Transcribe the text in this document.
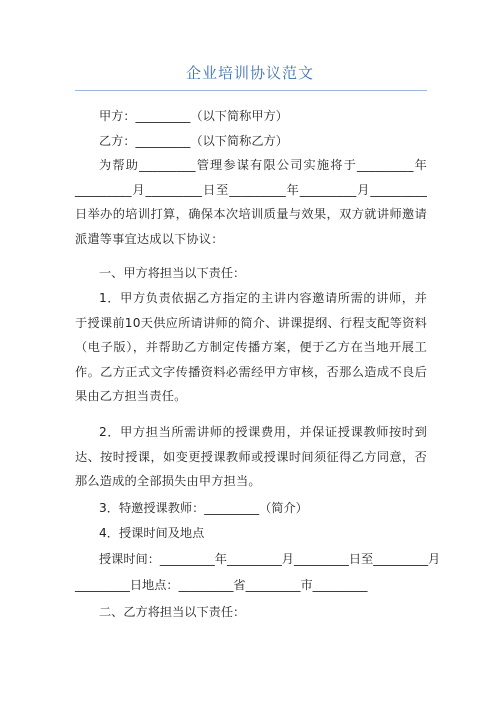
企业培训协议范文
甲方：_________（以下简称甲方）
乙方：_________（以下简称乙方）
为帮助_________管理参谋有限公司实施将于_________年_________月_________日至_________年_________月_________日举办的培训打算，确保本次培训质量与效果，双方就讲师邀请派遣等事宜达成以下协议：
一、甲方将担当以下责任：
1．甲方负责依据乙方指定的主讲内容邀请所需的讲师，并于授课前10天供应所请讲师的简介、讲课提纲、行程支配等资料（电子版），并帮助乙方制定传播方案，便于乙方在当地开展工作。乙方正式文字传播资料必需经甲方审核，否那么造成不良后果由乙方担当责任。
2．甲方担当所需讲师的授课费用，并保证授课教师按时到达、按时授课，如变更授课教师或授课时间须征得乙方同意，否那么造成的全部损失由甲方担当。
3．特邀授课教师：_________（简介）
4．授课时间及地点
授课时间：_________年_________月_________日至_________月
_________日地点：_________省_________市_________
二、乙方将担当以下责任：
